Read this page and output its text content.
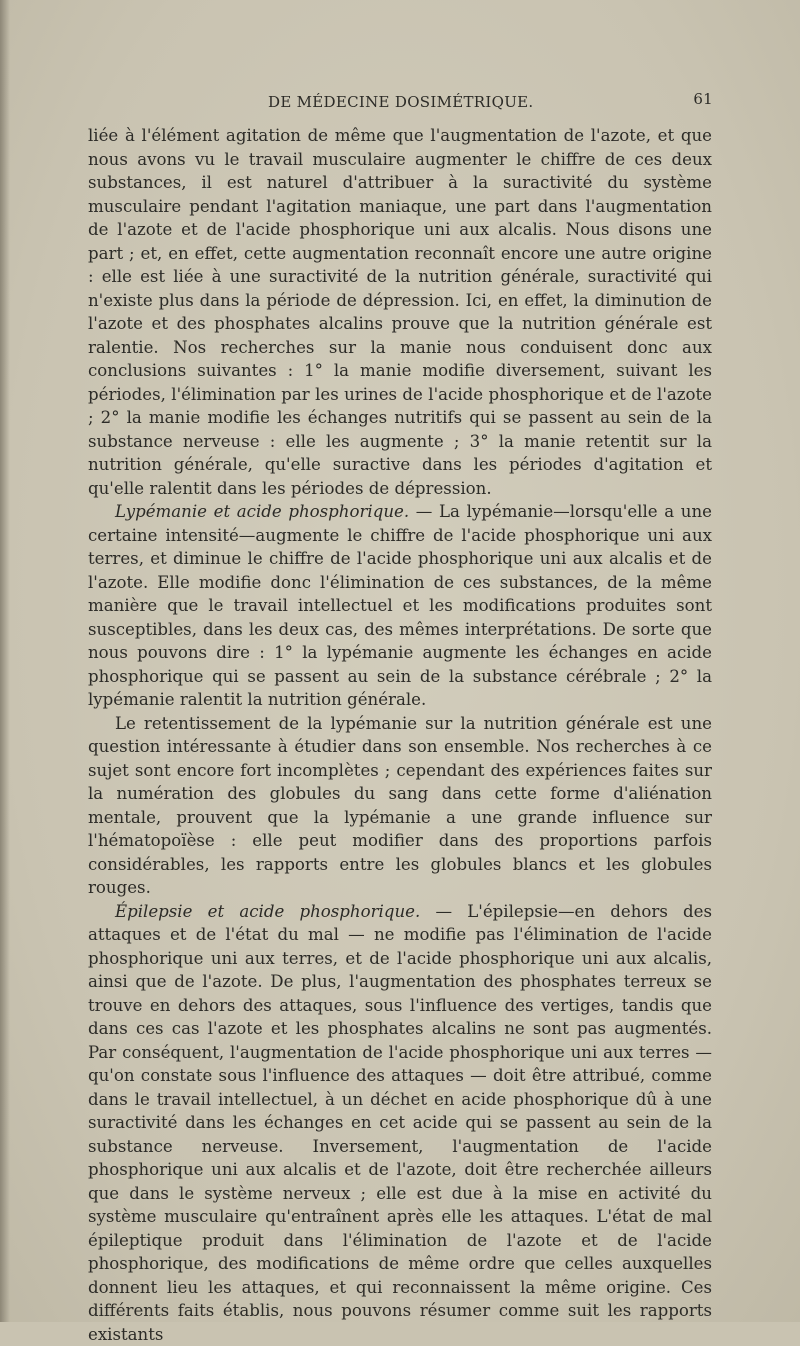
DE MÉDECINE DOSIMÉTRIQUE.	61

liée à l'élément agitation de même que l'augmentation de l'azote, et que nous avons vu le travail musculaire augmenter le chiffre de ces deux substances, il est naturel d'attribuer à la suractivité du système musculaire pendant l'agitation maniaque, une part dans l'augmentation de l'azote et de l'acide phosphorique uni aux alcalis. Nous disons une part ; et, en effet, cette augmentation reconnaît encore une autre origine : elle est liée à une suractivité de la nutrition générale, suractivité qui n'existe plus dans la période de dépression. Ici, en effet, la diminution de l'azote et des phosphates alcalins prouve que la nutrition générale est ralentie. Nos recherches sur la manie nous conduisent donc aux conclusions suivantes : 1° la manie modifie diversement, suivant les périodes, l'élimination par les urines de l'acide phosphorique et de l'azote ; 2° la manie modifie les échanges nutritifs qui se passent au sein de la substance nerveuse : elle les augmente ; 3° la manie retentit sur la nutrition générale, qu'elle suractive dans les périodes d'agitation et qu'elle ralentit dans les périodes de dépression.

Lypémanie et acide phosphorique. — La lypémanie—lorsqu'elle a une certaine intensité—augmente le chiffre de l'acide phosphorique uni aux terres, et diminue le chiffre de l'acide phosphorique uni aux alcalis et de l'azote. Elle modifie donc l'élimination de ces substances, de la même manière que le travail intellectuel et les modifications produites sont susceptibles, dans les deux cas, des mêmes interprétations. De sorte que nous pouvons dire : 1° la lypémanie augmente les échanges en acide phosphorique qui se passent au sein de la substance cérébrale ; 2° la lypémanie ralentit la nutrition générale.

Le retentissement de la lypémanie sur la nutrition générale est une question intéressante à étudier dans son ensemble. Nos recherches à ce sujet sont encore fort incomplètes ; cependant des expériences faites sur la numération des globules du sang dans cette forme d'aliénation mentale, prouvent que la lypémanie a une grande influence sur l'hématopoïèse : elle peut modifier dans des proportions parfois considérables, les rapports entre les globules blancs et les globules rouges.

Épilepsie et acide phosphorique. — L'épilepsie—en dehors des attaques et de l'état du mal — ne modifie pas l'élimination de l'acide phosphorique uni aux terres, et de l'acide phosphorique uni aux alcalis, ainsi que de l'azote. De plus, l'augmentation des phosphates terreux se trouve en dehors des attaques, sous l'influence des vertiges, tandis que dans ces cas l'azote et les phosphates alcalins ne sont pas augmentés. Par conséquent, l'augmentation de l'acide phosphorique uni aux terres — qu'on constate sous l'influence des attaques — doit être attribué, comme dans le travail intellectuel, à un déchet en acide phosphorique dû à une suractivité dans les échanges en cet acide qui se passent au sein de la substance nerveuse. Inversement, l'augmentation de l'acide phosphorique uni aux alcalis et de l'azote, doit être recherchée ailleurs que dans le système nerveux ; elle est due à la mise en activité du système musculaire qu'entraînent après elle les attaques. L'état de mal épileptique produit dans l'élimination de l'azote et de l'acide phosphorique, des modifications de même ordre que celles auxquelles donnent lieu les attaques, et qui reconnaissent la même origine. Ces différents faits établis, nous pouvons résumer comme suit les rapports existants
